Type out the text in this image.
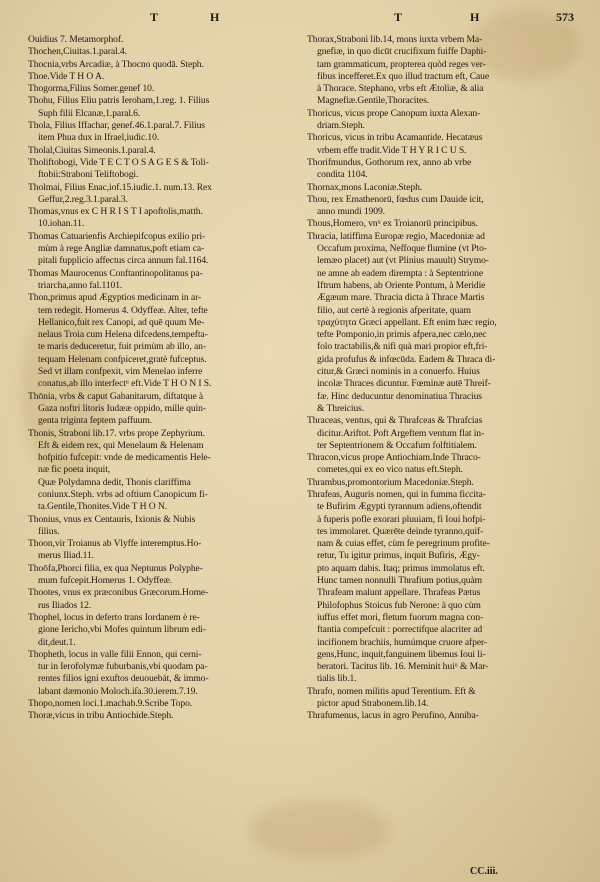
T	H	T	H	573
Ouidius 7. Metamorphof.
Thochen,Ciuitas.1.paral.4.
Thocnia,vrbs Arcadiæ, à Thocno quodā. Steph.
Thoe.Vide T H O A.
Thogorma,Filius Somer.genef 10.
Thohu, Filius Eliu patris Ieroham,1.reg. 1. Filius
Suph filii Elcanæ,1.paral.6.
Thola, Filius Iffachar, genef.46.1.paral.7. Filius
item Phua dux in Ifrael,iudic.10.
Tholal,Ciuitas Simeonis.1.paral.4.
Tholiftobogi, Vide T E C T O S A G E S & Toli-
ftobii:Straboni Teliftobogi.
Tholmai, Filius Enac,iof.15.iudic.1. num.13. Rex
Geffur,2.reg.3.1.paral.3.
Thomas,vnus ex C H R I S T I apoftolis,matth.
10.iohan.11.
Thomas Catuarienfis Archiepifcopus exilio pri-
mùm à rege Angliæ damnatus,poft etiam ca-
pitali fupplicio affectus circa annum fal.1164.
Thomas Maurocenus Conftantinopolitanus pa-
triarcha,anno fal.1101.
Thon,primus apud Ægyptios medicinam in ar-
tem redegit. Homerus 4. Odyffeæ. Alter, tefte
Hellanico,fuit rex Canopi, ad quē quum Me-
nelaus Troia cum Helena difcedens,tempefta-
te maris deduceretur, fuit primùm ab illo, an-
tequam Helenam confpiceret,gratè fufceptus.
Sed vt illam confpexit, vim Menelao inferre
conatus,ab illo interfectᵘ eft.Vide T H O N I S.
Thōnia, vrbs & caput Gabanitarum, diftatque à
Gaza noftri litoris Iudææ oppido, mille quin-
genta triginta feptem paffuum.
Thonis, Straboni lib.17. vrbs prope Zephyrium.
Eft & eidem rex, qui Menelaum & Helenam
hofpitio fufcepit: vnde de medicamentis Hele-
næ fic poeta inquit,
Quæ Polydamna dedit, Thonis clariffima
coniunx.Steph. vrbs ad oftium Canopicum fi-
ta.Gentile,Thonites.Vide T H O N.
Thonius, vnus ex Centauris, Ixionis & Nubis
filius.
Thoon,vir Troianus ab Vlyffe interemptus.Ho-
merus Iliad.11.
Thoōfa,Phorci filia, ex qua Neptunus Polyphe-
mum fufcepit.Homerus 1. Odyffeæ.
Thootes, vnus ex præconibus Græcorum.Home-
rus Iliados 12.
Thophel, locus in deferto trans Iordanem è re-
gione Iericho,vbi Mofes quintum librum edi-
dit,deut.1.
Thopheth, locus in valle filii Ennon, qui cerni-
tur in Ierofolymæ fuburbanis,vbi quodam pa-
rentes filios igni exuftos deuouebát, & immo-
labant dæmonio Moloch.iſa.30.ierem.7.19.
Thopo,nomen loci.1.machab.9.Scribe Topo.
Thoræ,vicus in tribu Antiochide.Steph.
Thorax,Straboni lib.14, mons iuxta vrbem Ma-
gnefiæ, in quo dicūt crucifixum fuiffe Daphi-
tam grammaticum, propterea quòd reges ver-
fibus incefferet.Ex quo illud tractum eft, Caue
à Thorace. Stephano, vrbs eft Ætoliæ, & alia
Magnefiæ.Gentile,Thoracites.
Thoricus, vicus prope Canopum iuxta Alexan-
driam.Steph.
Thoricus, vicus in tribu Acamantide. Hecatæus
vrbem effe tradit.Vide T H Y R I C U S.
Thorifmundus, Gothorum rex, anno ab vrbe
condita 1104.
Thornax,mons Laconiæ.Steph.
Thou, rex Emathenorū, fœdus cum Dauide icit,
anno mundi 1909.
Thous,Homero, vnᵘ ex Troianorū principibus.
Thracia, latiffima Europæ regio, Macedoniæ ad
Occafum proxima, Neffoque flumine (vt Pto-
lemæo placet) aut (vt Plinius mauult) Strymo-
ne amne ab eadem dirempta : à Septentrione
Iftrum habens, ab Oriente Pontum, à Meridie
Ægæum mare. Thracia dicta à Thrace Martis
filio, aut certè à regionis afperitate, quam
τραχύτητα Græci appellant. Eft enim hæc regio,
tefte Pomponio,in primis afpera,nec cælo,nec
folo tractabilis,& nifi quà mari propior eft,fri-
gida profufus & infœcūda. Eadem & Thraca di-
citur,& Græci nominis in a conuerfo. Huius
incolæ Thraces dicuntur. Fœminæ autē Threif-
fæ. Hinc deducuntur denominatiua Thracius
& Threicius.
Thraceas, ventus, qui & Thrafceas & Thrafcias
dicitur.Ariftot. Poft Argeftem ventum flat in-
ter Septentrionem & Occafum folftitialem.
Thracon,vicus prope Antiochiam.Inde Thraco-
cometes,qui ex eo vico natus eft.Steph.
Thrambus,promontorium Macedoniæ.Steph.
Thrafeas, Auguris nomen, qui in fumma ficcita-
te Bufirim Ægypti tyrannum adiens,oftendit
à fuperis pofle exorari pluuiam, fi Ioui hofpi-
tes immolaret. Quærēte deinde tyranno,quif-
nam & cuias effet, cùm fe peregrinum profite-
retur, Tu igitur primus, inquit Bufiris, Ægy-
pto aquam dabis. Itaq; primus immolatus eft.
Hunc tamen nonnulli Thrafium potius,quàm
Thrafeam malunt appellare. Thrafeas Pætus
Philofophus Stoicus fub Nerone: à quo cùm
iuffus effet mori, fletum fuorum magna con-
ftantia compefcuit : porrectifque alacriter ad
incifionem brachiis, humúmque cruore afper-
gens,Hunc, inquit,fanguinem libemus Ioui li-
beratori. Tacitus lib. 16. Meminit huiᵘ & Mar-
tialis lib.1.
Thrafo, nomen militis apud Terentium. Eft &
pictor apud Strabonem.lib.14.
Thrafumenus, lacus in agro Perufino, Anniba-
CC.iii.
